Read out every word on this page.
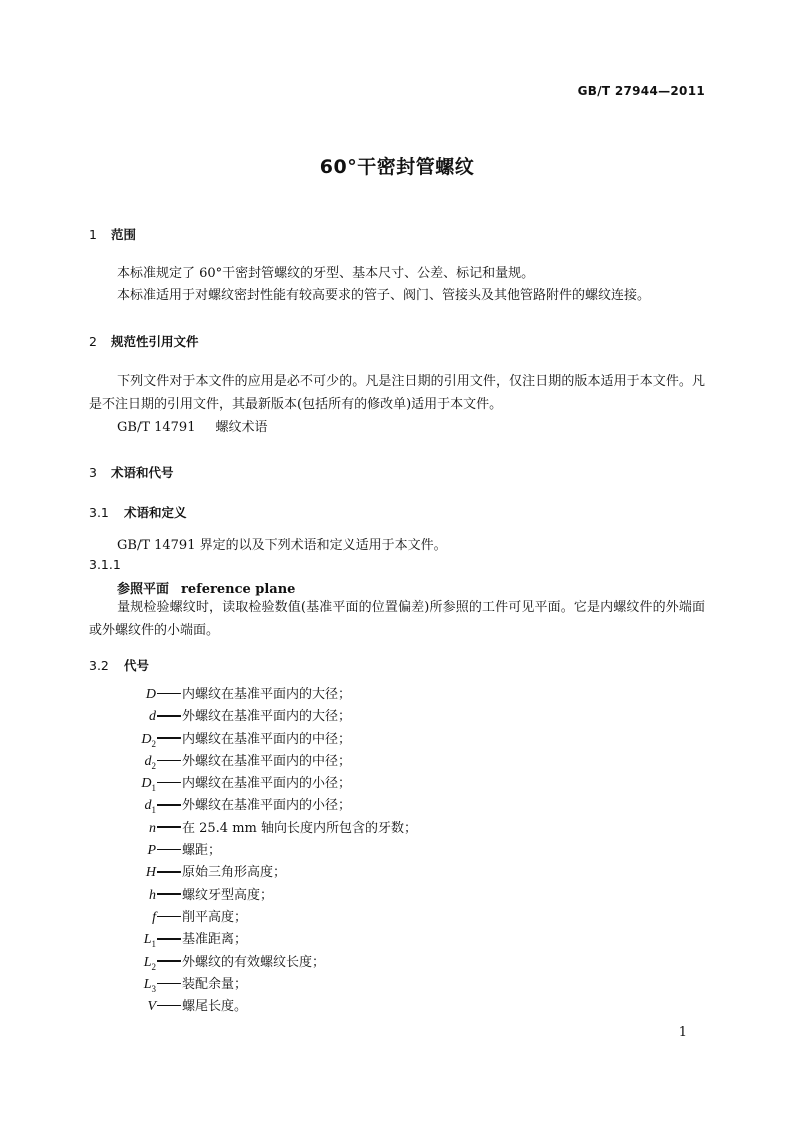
GB/T 27944—2011
60°干密封管螺纹
1 范围
本标准规定了 60°干密封管螺纹的牙型、基本尺寸、公差、标记和量规。
本标准适用于对螺纹密封性能有较高要求的管子、阀门、管接头及其他管路附件的螺纹连接。
2 规范性引用文件
下列文件对于本文件的应用是必不可少的。凡是注日期的引用文件，仅注日期的版本适用于本文件。凡是不注日期的引用文件，其最新版本(包括所有的修改单)适用于本文件。
GB/T 14791 螺纹术语
3 术语和代号
3.1 术语和定义
GB/T 14791 界定的以及下列术语和定义适用于本文件。
3.1.1
参照平面 reference plane
量规检验螺纹时，读取检验数值(基准平面的位置偏差)所参照的工件可见平面。它是内螺纹件的外端面或外螺纹件的小端面。
3.2 代号
D 内螺纹在基准平面内的大径；
d 外螺纹在基准平面内的大径；
$D_2$ 内螺纹在基准平面内的中径；
$d_2$ 外螺纹在基准平面内的中径；
$D_1$ 内螺纹在基准平面内的小径；
$d_1$ 外螺纹在基准平面内的小径；
n 在 25.4 mm 轴向长度内所包含的牙数；
P 螺距；
H 原始三角形高度；
h 螺纹牙型高度；
f 削平高度；
$L_1$ 基准距离；
$L_2$ 外螺纹的有效螺纹长度；
$L_3$ 装配余量；
V 螺尾长度。
1
